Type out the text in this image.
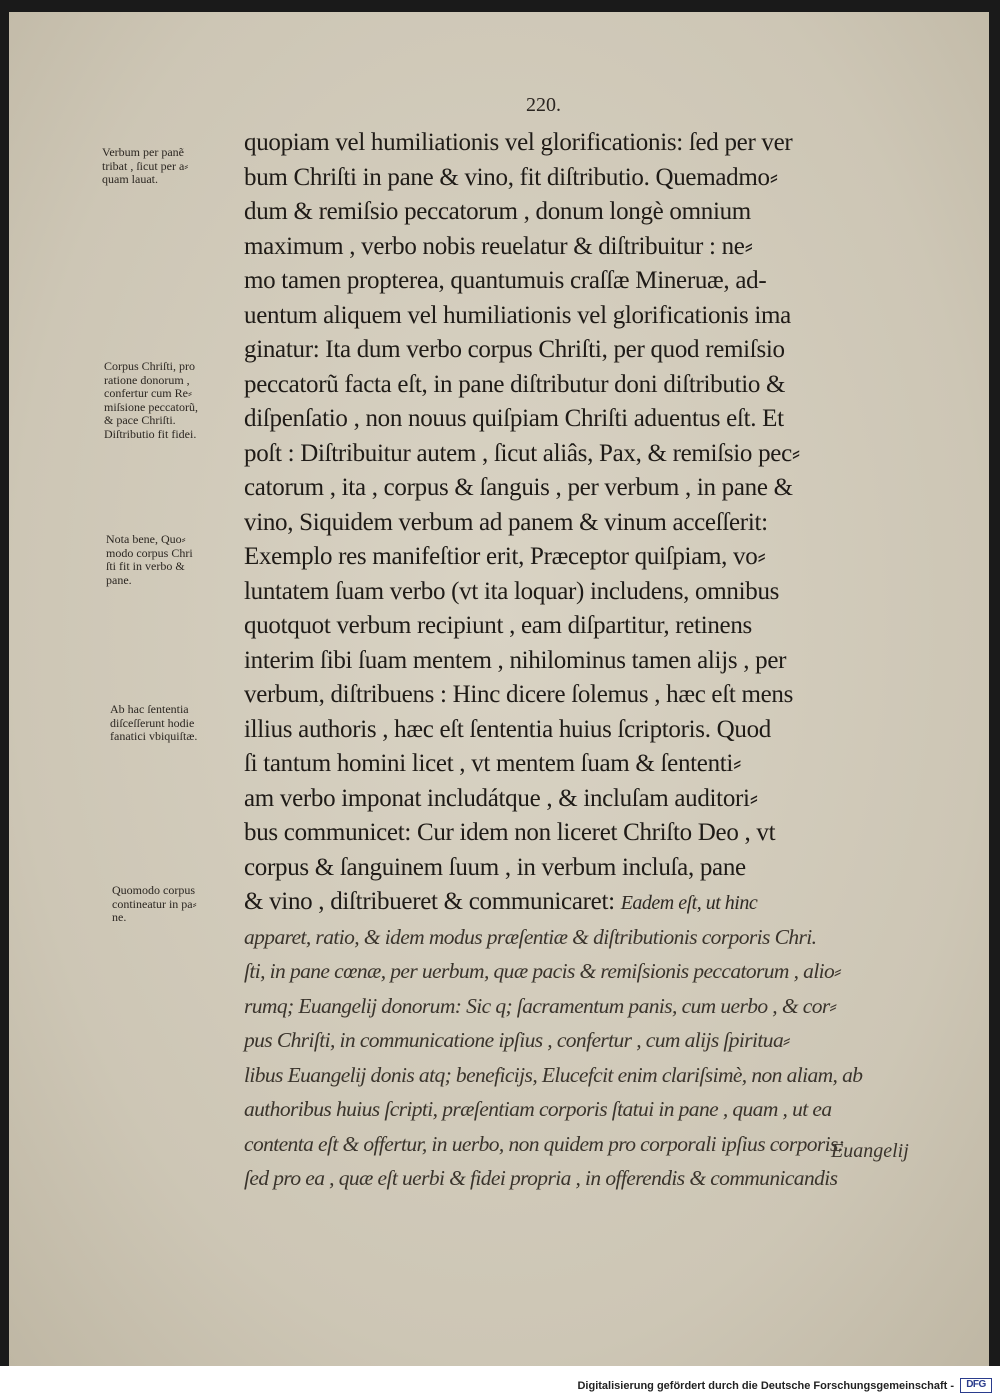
220.
Verbum per panẽ
tribat , ſicut per a⸗
quam lauat.
Corpus Chriſti, pro
ratione donorum ,
confertur cum Re⸗
miſsione peccatorũ,
& pace Chriſti.
Diſtributio fit fidei.
Nota bene, Quo⸗
modo corpus Chri
ſti fit in verbo &
pane.
Ab hac ſententia
diſceſſerunt hodie
fanatici vbiquiſtæ.
Quomodo corpus
contineatur in pa⸗
ne.
quopiam vel humiliationis vel glorificationis: ſed per ver
bum Chriſti in pane & vino, fit diſtributio. Quemadmo⸗
dum & remiſsio peccatorum , donum longè omnium
maximum , verbo nobis reuelatur & diſtribuitur : ne⸗
mo tamen propterea, quantumuis craſſæ Mineruæ, ad-
uentum aliquem vel humiliationis vel glorificationis ima
ginatur: Ita dum verbo corpus Chriſti, per quod remiſsio
peccatorũ facta eſt, in pane diſtributur doni diſtributio &
diſpenſatio , non nouus quiſpiam Chriſti aduentus eſt. Et
poſt : Diſtribuitur autem , ſicut aliâs, Pax, & remiſsio pec⸗
catorum , ita , corpus & ſanguis , per verbum , in pane &
vino, Siquidem verbum ad panem & vinum acceſſerit:
Exemplo res manifeſtior erit, Præceptor quiſpiam, vo⸗
luntatem ſuam verbo (vt ita loquar) includens, omnibus
quotquot verbum recipiunt , eam diſpartitur, retinens
interim ſibi ſuam mentem , nihilominus tamen alijs , per
verbum, diſtribuens : Hinc dicere ſolemus , hæc eſt mens
illius authoris , hæc eſt ſententia huius ſcriptoris. Quod
ſi tantum homini licet , vt mentem ſuam & ſententi⸗
am verbo imponat includátque , & incluſam auditori⸗
bus communicet: Cur idem non liceret Chriſto Deo , vt
corpus & ſanguinem ſuum , in verbum incluſa, pane
& vino , diſtribueret & communicaret: Eadem eſt, ut hinc
apparet, ratio, & idem modus præſentiæ & diſtributionis corporis Chri.
ſti, in pane cœnæ, per uerbum, quæ pacis & remiſsionis peccatorum , alio⸗
rumq; Euangelij donorum: Sic q; ſacramentum panis, cum uerbo , & cor⸗
pus Chriſti, in communicatione ipſius , confertur , cum alijs ſpiritua⸗
libus Euangelij donis atq; beneficijs, Elucefcit enim clariſsimè, non aliam, ab
authoribus huius ſcripti, præſentiam corporis ſtatui in pane , quam , ut ea
contenta eſt & offertur, in uerbo, non quidem pro corporali ipſius corporis:
ſed pro ea , quæ eſt uerbi & fidei propria , in offerendis & communicandis
Euangelij
Digitalisierung gefördert durch die Deutsche Forschungsgemeinschaft -	DFG
